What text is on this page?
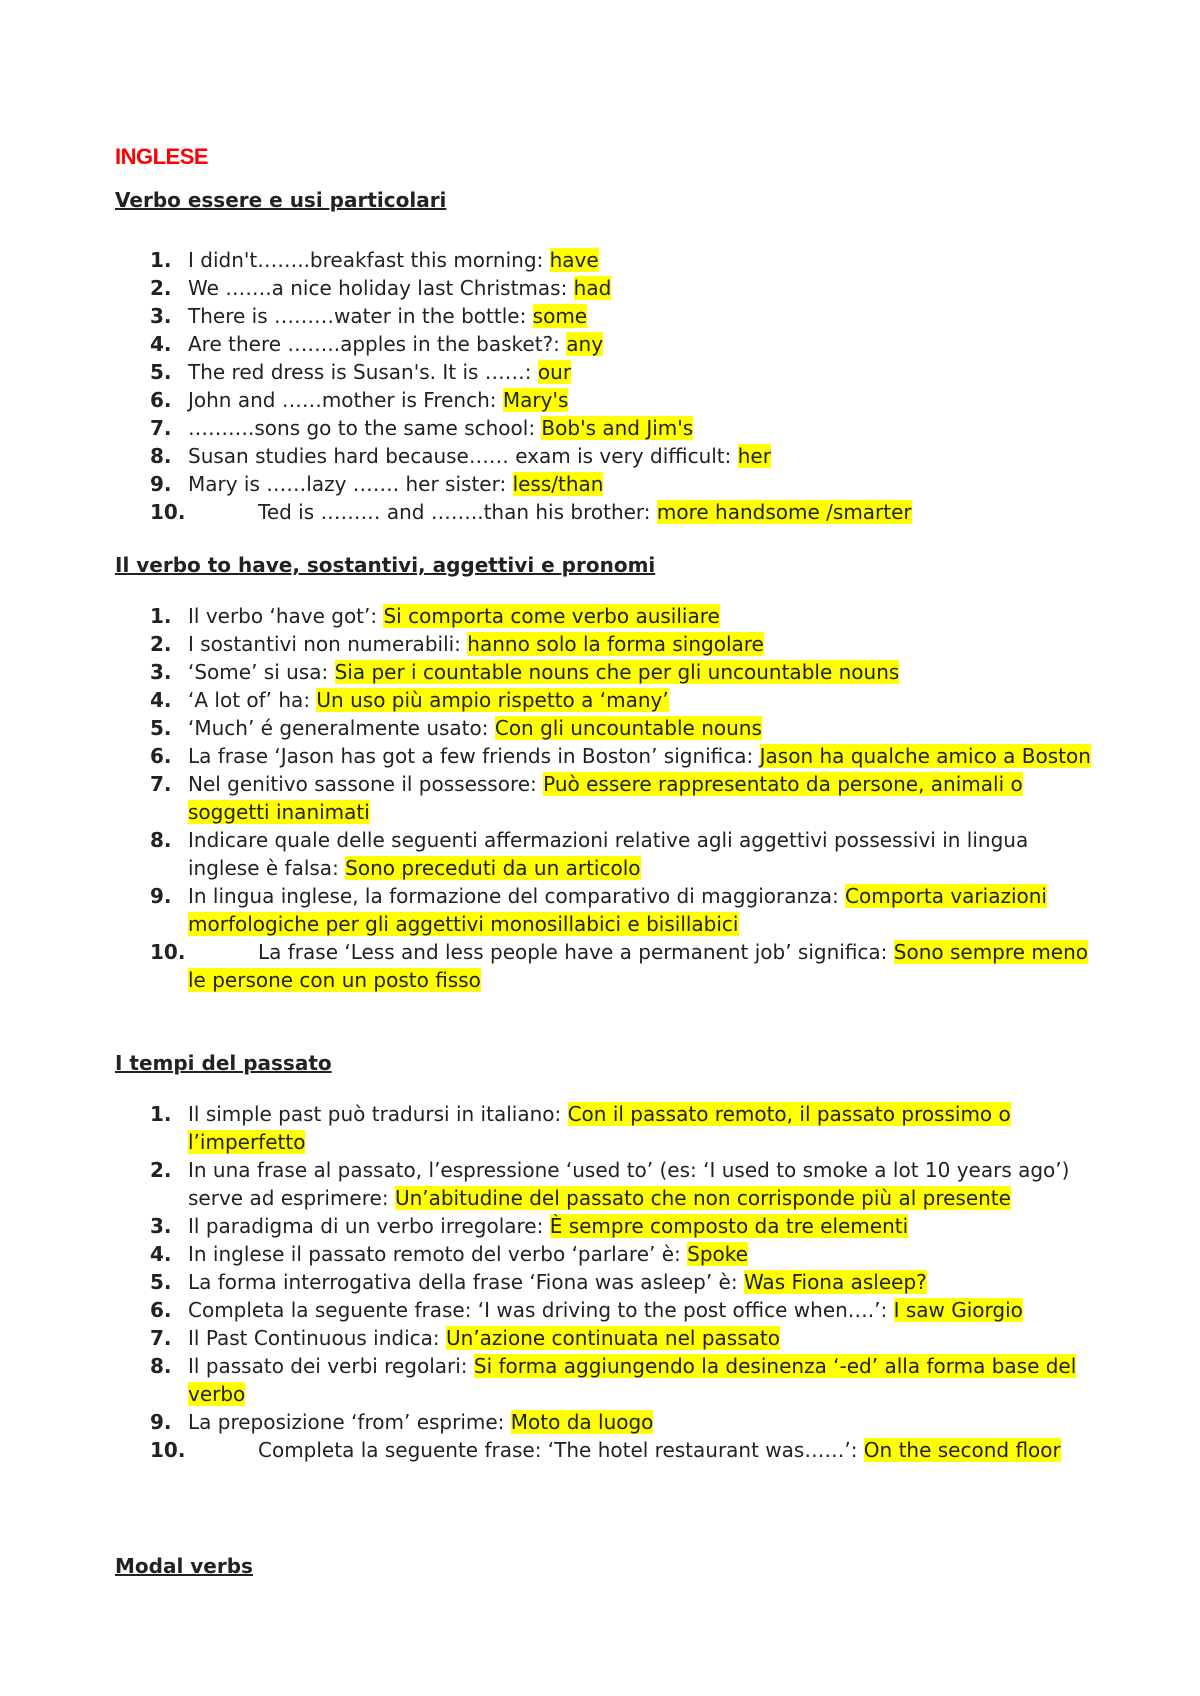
INGLESE
Verbo essere e usi particolari
1. I didn't……..breakfast this morning: have
2. We …….a nice holiday last Christmas: had
3. There is ………water in the bottle: some
4. Are there ……..apples in the basket?: any
5. The red dress is Susan's. It is ……: our
6. John and ……mother is French: Mary's
7. ……….sons go to the same school: Bob's and Jim's
8. Susan studies hard because…… exam is very difficult: her
9. Mary is ……lazy ……. her sister: less/than
10.	Ted is ……… and ……..than his brother: more handsome /smarter
Il verbo to have, sostantivi, aggettivi e pronomi
1. Il verbo ‘have got’: Si comporta come verbo ausiliare
2. I sostantivi non numerabili: hanno solo la forma singolare
3. ‘Some’ si usa: Sia per i countable nouns che per gli uncountable nouns
4. ‘A lot of’ ha: Un uso più ampio rispetto a ‘many’
5. ‘Much’ é generalmente usato: Con gli uncountable nouns
6. La frase ‘Jason has got a few friends in Boston’ significa: Jason ha qualche amico a Boston
7. Nel genitivo sassone il possessore: Può essere rappresentato da persone, animali o soggetti inanimati
8. Indicare quale delle seguenti affermazioni relative agli aggettivi possessivi in lingua inglese è falsa: Sono preceduti da un articolo
9. In lingua inglese, la formazione del comparativo di maggioranza: Comporta variazioni morfologiche per gli aggettivi monosillabici e bisillabici
10.	La frase ‘Less and less people have a permanent job’ significa: Sono sempre meno le persone con un posto fisso
I tempi del passato
1. Il simple past può tradursi in italiano: Con il passato remoto, il passato prossimo o l’imperfetto
2. In una frase al passato, l’espressione ‘used to’ (es: ‘I used to smoke a lot 10 years ago’) serve ad esprimere: Un’abitudine del passato che non corrisponde più al presente
3. Il paradigma di un verbo irregolare: È sempre composto da tre elementi
4. In inglese il passato remoto del verbo ‘parlare’ è: Spoke
5. La forma interrogativa della frase ‘Fiona was asleep’ è: Was Fiona asleep?
6. Completa la seguente frase: ‘I was driving to the post office when….’: I saw Giorgio
7. Il Past Continuous indica: Un’azione continuata nel passato
8. Il passato dei verbi regolari: Si forma aggiungendo la desinenza ‘-ed’ alla forma base del verbo
9. La preposizione ‘from’ esprime: Moto da luogo
10.	Completa la seguente frase: ‘The hotel restaurant was……’: On the second floor
Modal verbs
